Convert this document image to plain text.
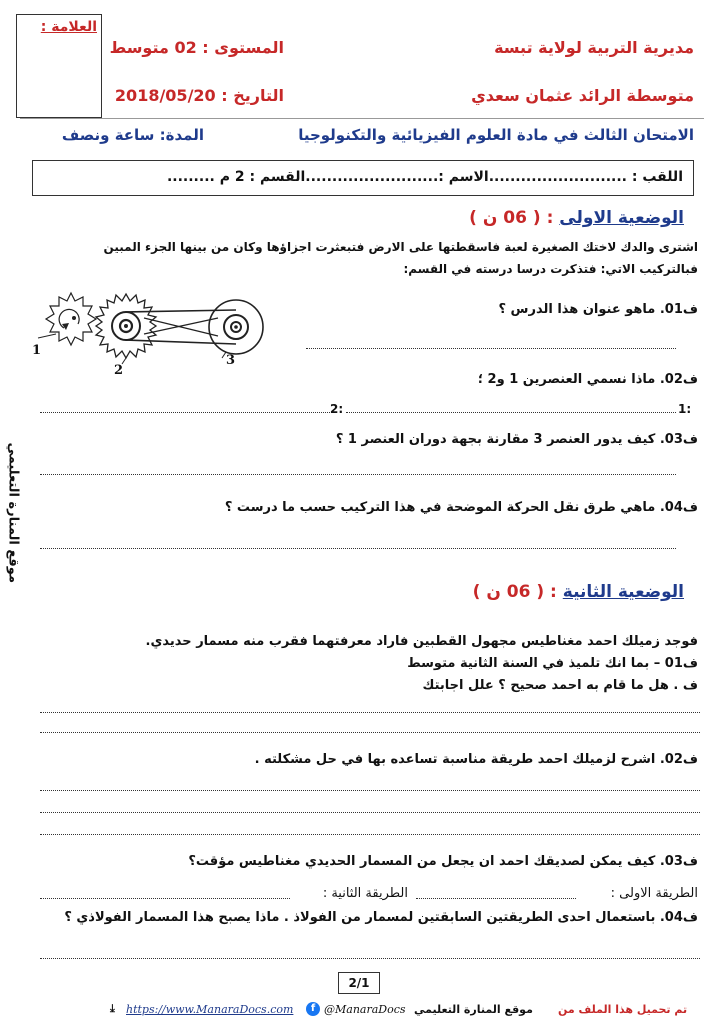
موقع المنارة التعليمي
مديرية التربية لولاية تبسة
متوسطة الرائد عثمان سعدي
المستوى : 02 متوسط
التاريخ : 2018/05/20
العلامة :
الامتحان الثالث في مادة العلوم الفيزيائية والتكنولوجيا
المدة: ساعة ونصف
اللقب : ..........................الاسم :.........................القسم : 2 م .........
الوضعية الاولى : ( 06 ن )
اشترى والدك لاختك الصغيرة لعبة فاسقطتها على الارض فتبعثرت اجزاؤها وكان من بينها الجزء المبين
فبالتركيب الاتي: فتذكرت درسا درسته في القسم:
1
2
3
ف01. ماهو عنوان هذا الدرس ؟
ف02. ماذا نسمي العنصرين 1 و2 ؛
2:	1:
ف03. كيف يدور العنصر 3 مقارنة بجهة دوران العنصر 1 ؟
ف04. ماهي طرق نقل الحركة الموضحة في هذا التركيب حسب ما درست ؟
الوضعية الثانية : ( 06 ن )
فوجد زميلك احمد مغناطيس مجهول القطبين فاراد معرفتهما فقرب منه مسمار حديدي.
ف01 – بما انك تلميذ في السنة الثانية متوسط
ف . هل ما قام به احمد صحيح ؟ علل اجابتك
ف02. اشرح لزميلك احمد طريقة مناسبة تساعده بها في حل مشكلته .
ف03. كيف يمكن لصديقك احمد ان يجعل من المسمار الحديدي مغناطيس مؤقت؟
الطريقة الاولى :
الطريقة الثانية :
ف04. باستعمال احدى الطريقتين السابقتين لمسمار من الفولاذ . ماذا يصبح هذا المسمار الفولاذي ؟
2/1
⤓ https://www.ManaraDocs.com	f @ManaraDocs موقع المنارة التعليمي تم تحميل هذا الملف من
